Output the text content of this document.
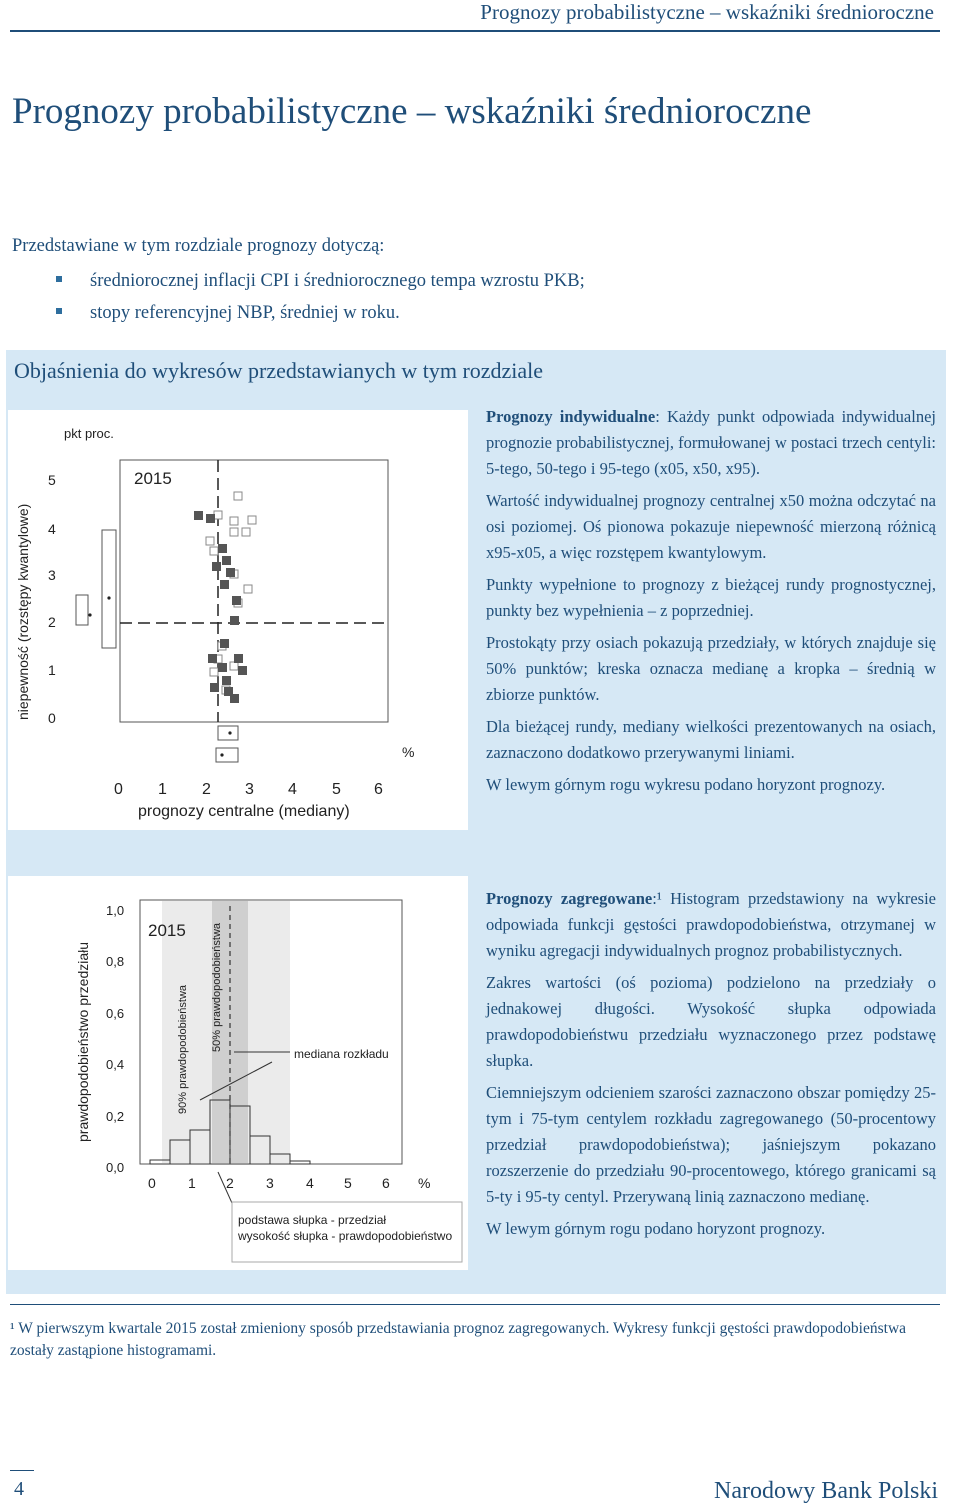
Prognozy probabilistyczne – wskaźniki średnioroczne
Prognozy probabilistyczne – wskaźniki średnioroczne
Przedstawiane w tym rozdziale prognozy dotyczą:
średniorocznej inflacji CPI i średniorocznego tempa wzrostu PKB;
stopy referencyjnej NBP, średniej w roku.
Objaśnienia do wykresów przedstawianych w tym rozdziale
pkt proc.
niepewność (rozstępy kwantylowe)
5
4
3
2
1
0
2015
%
0 1 2 3 4 5 6
prognozy centralne (mediany)
prawdopodobieństwo przedziału
1,0
0,8
0,6
0,4
0,2
0,0
2015
90% prawdopodobieństwa 50% prawdopodobieństwa
mediana rozkładu
%
0 1 2 3 4 5 6
podstawa słupka - przedział
wysokość słupka - prawdopodobieństwo

Prognozy indywidualne: Każdy punkt odpowiada indywidualnej prognozie probabilistycznej, formułowanej w postaci trzech centyli: 5-tego, 50-tego i 95-tego (x05, x50, x95).

Wartość indywidualnej prognozy centralnej x50 można odczytać na osi poziomej. Oś pionowa pokazuje niepewność mierzoną różnicą x95-x05, a więc rozstępem kwantylowym.

Punkty wypełnione to prognozy z bieżącej rundy prognostycznej, punkty bez wypełnienia – z poprzedniej.

Prostokąty przy osiach pokazują przedziały, w których znajduje się 50% punktów; kreska oznacza medianę a kropka – średnią w zbiorze punktów.

Dla bieżącej rundy, mediany wielkości prezentowanych na osiach, zaznaczono dodatkowo przerywanymi liniami.

W lewym górnym rogu wykresu podano horyzont prognozy.

Prognozy zagregowane:¹ Histogram przedstawiony na wykresie odpowiada funkcji gęstości prawdopodobieństwa, otrzymanej w wyniku agregacji indywidualnych prognoz probabilistycznych.

Zakres wartości (oś pozioma) podzielono na przedziały o jednakowej długości. Wysokość słupka odpowiada prawdopodobieństwu przedziału wyznaczonego przez podstawę słupka.

Ciemniejszym odcieniem szarości zaznaczono obszar pomiędzy 25-tym i 75-tym centylem rozkładu zagregowanego (50-procentowy przedział prawdopodobieństwa); jaśniejszym pokazano rozszerzenie do przedziału 90-procentowego, którego granicami są 5-ty i 95-ty centyl. Przerywaną linią zaznaczono medianę.

W lewym górnym rogu podano horyzont prognozy.

¹ W pierwszym kwartale 2015 został zmieniony sposób przedstawiania prognoz zagregowanych. Wykresy funkcji gęstości prawdopodobieństwa zostały zastąpione histogramami.
4	Narodowy Bank Polski
